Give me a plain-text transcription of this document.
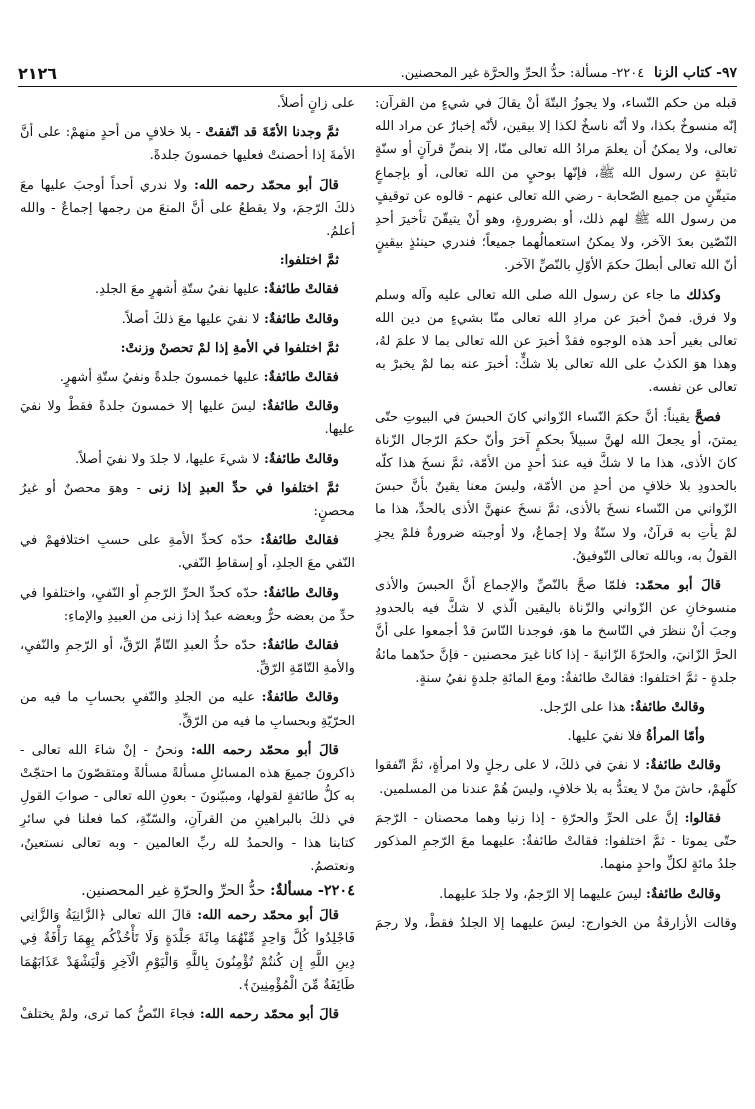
٢١٢٦	٩٧- كتاب الزنا  ٢٢٠٤- مسألة: حدُّ الحرِّ والحرَّة غير المحصنين.

قبله من حكم النّساء، ولا يجوزُ البتّةَ أنْ يقالَ في شيءٍ من القرآن: إنّه منسوخٌ بكذا، ولا أنّه ناسخٌ لكذا إلا بيقين، لأنّه إخبارٌ عن مراد الله تعالى، ولا يمكنُ أن يعلمَ مرادُ الله تعالى منّا، إلا بنصِّ قرآنٍ أو سنّةٍ ثابتةٍ عن رسول الله ﷺ، فإنّها بوحيٍ من الله تعالى، أو بإجماعٍ متيقّنٍ من جميع الصّحابة - رضي الله تعالى عنهم - قالوه عن توقيفٍ من رسول الله ﷺ لهم ذلك، أو بضرورةٍ، وهو أنْ يتيقّنَ تأخيرَ أحدِ النّصّين بعدَ الآخر، ولا يمكنُ استعمالُهما جميعاً؛ فندري حينئذٍ بيقينٍ أنّ الله تعالى أبطلَ حكمَ الأوّلِ بالنّصِّ الآخر.

وكذلك ما جاء عن رسول الله صلى الله تعالى عليه وآله وسلم ولا فرق. فمنْ أخبرَ عن مرادِ الله تعالى منّا بشيءٍ من دين الله تعالى بغير أحد هذه الوجوه فقدْ أخبرَ عن الله تعالى بما لا علمَ لهُ، وهذا هوَ الكذبُ على الله تعالى بلا شكٍّ: أخبرَ عنه بما لمْ يخبرْ به تعالى عن نفسه.

فصحَّ يقيناً: أنَّ حكمَ النّساء الزّواني كانَ الحبسَ في البيوتِ حتّى يمتنَ، أو يجعلَ الله لهنَّ سبيلاً بحكمٍ آخرَ وأنّ حكمَ الرّجال الزّناة كانَ الأذى، هذا ما لا شكَّ فيه عندَ أحدٍ من الأمّة، ثمَّ نسخَ هذا كلّه بالحدودِ بلا خلافٍ من أحدٍ من الأمّة، وليسَ معنا يقينٌ بأنَّ حبسَ الزّواني من النّساء نسخَ بالأذى، ثمَّ نسخَ عنهنَّ الأذى بالحدِّ، هذا ما لمْ يأتِ به قرآنٌ، ولا سنّةٌ ولا إجماعٌ، ولا أوجبته ضرورةٌ فلمْ يجزِ القولُ به، وبالله تعالى التّوفيقُ.

قالَ أبو محمّد: فلمّا صحَّ بالنّصِّ والإجماع أنَّ الحبسَ والأذى منسوخانِ عن الزّواني والزّناة باليقين الّذي لا شكَّ فيه بالحدودِ وجبَ أنْ ننظرَ في النّاسخ ما هوَ، فوجدنا النّاسَ قدْ أجمعوا على أنَّ الحرَّ الزّانيَ، والحرّةَ الزّانيةَ - إذا كانا غيرَ محصنين - فإنَّ حدّهما مائةُ جلدةٍ - ثمَّ اختلفوا: فقالتْ طائفةٌ: ومعَ المائةِ جلدةٍ نفيُ سنةٍ.

وقالتْ طائفةٌ: هذا على الرّجل.

وأمّا المرأةُ فلا نفيَ عليها.

وقالتْ طائفةٌ: لا نفيَ في ذلكَ، لا على رجلٍ ولا امرأةٍ، ثمَّ اتّفقوا كلّهمْ، حاشَ منْ لا يعتدُّ به بلا خلافٍ، وليسَ هُمْ عندنا من المسلمين.

فقالوا: إنَّ على الحرِّ والحرّةِ - إذا زنيا وهما محصنان - الرّجمَ حتّى يموتا - ثمَّ اختلفوا: فقالتْ طائفةٌ: عليهما معَ الرّجمِ المذكور جلدُ مائةٍ لكلِّ واحدٍ منهما.

وقالتْ طائفةٌ: ليسَ عليهما إلا الرّجمُ، ولا جلدَ عليهما.

وقالت الأزارقةُ من الخوارج: ليسَ عليهما إلا الجلدُ فقطْ، ولا رجمَ

على زانٍ أصلاً.

ثمَّ وجدنا الأمّةَ قد اتّفقتْ - بلا خلافٍ من أحدٍ منهمْ: على أنَّ الأمةَ إذا أحصنتْ فعليها خمسونَ جلدةً.

قالَ أبو محمّد رحمه الله: ولا ندري أحداً أوجبَ عليها معَ ذلكَ الرّجمَ، ولا يقطعُ على أنَّ المنعَ من رجمها إجماعٌ - والله أعلمُ.

ثمَّ اختلفوا:

فقالتْ طائفةٌ: عليها نفيُ ستّةِ أشهرٍ معَ الجلدِ.

وقالتْ طائفةٌ: لا نفيَ عليها معَ ذلكَ أصلاً.

ثمَّ اختلفوا في الأمةِ إذا لمْ تحصنْ وزنتْ:

فقالتْ طائفةٌ: عليها خمسونَ جلدةً ونفيُ ستّةِ أشهرٍ.

وقالتْ طائفةٌ: ليسَ عليها إلا خمسونَ جلدةً فقطْ ولا نفيَ عليها.

وقالتْ طائفةٌ: لا شيءَ عليها، لا جلدَ ولا نفيَ أصلاً.

ثمَّ اختلفوا في حدِّ العبدِ إذا زنى - وهوَ محصنٌ أو غيرُ محصنٍ:

فقالتْ طائفةٌ: حدّه كحدِّ الأمةِ على حسبِ اختلافهمْ في النّفي معَ الجلدِ، أو إسقاطِ النّفي.

وقالتْ طائفةٌ: حدّه كحدِّ الحرِّ الرّجمِ أو النّفيِ، واختلفوا في حدِّ من بعضه حرٌّ وبعضه عبدٌ إذا زنى من العبيدِ والإماءِ:

فقالتْ طائفةٌ: حدّه حدُّ العبدِ التّامِّ الرّقِّ، أو الرّجمِ والنّفيِ، والأمةِ التّامّةِ الرّقِّ.

وقالتْ طائفةٌ: عليه من الجلدِ والنّفيِ بحسابِ ما فيه من الحرّيّةِ وبحسابِ ما فيه من الرّقِّ.

قالَ أبو محمّد رحمه الله: ونحنُ - إنْ شاءَ الله تعالى - ذاكرونَ جميعَ هذه المسائلِ مسألةً مسألةً ومتقصّونَ ما احتجّتْ به كلُّ طائفةٍ لقولها، ومبيّنونَ - بعونِ الله تعالى - صوابَ القولِ في ذلكَ بالبراهينِ من القرآنِ، والسّنّةِ، كما فعلنا في سائرِ كتابنا هذا - والحمدُ لله ربِّ العالمين - وبه تعالى نستعينُ، ونعتصمُ.

٢٢٠٤- مسألةٌ: حدُّ الحرِّ والحرّةِ غير المحصنين.

قالَ أبو محمّد رحمه الله: قالَ الله تعالى ﴿الزَّانِيَةُ وَالزَّانِي فَاجْلِدُوا كُلَّ وَاحِدٍ مِّنْهُمَا مِائَةَ جَلْدَةٍ وَلَا تَأْخُذْكُم بِهِمَا رَأْفَةٌ فِي دِينِ اللَّهِ إِن كُنتُمْ تُؤْمِنُونَ بِاللَّهِ وَالْيَوْمِ الْآخِرِ وَلْيَشْهَدْ عَذَابَهُمَا طَائِفَةٌ مِّنَ الْمُؤْمِنِينَ﴾.

قالَ أبو محمّد رحمه الله: فجاءَ النّصُّ كما ترى، ولمْ يختلفْ
